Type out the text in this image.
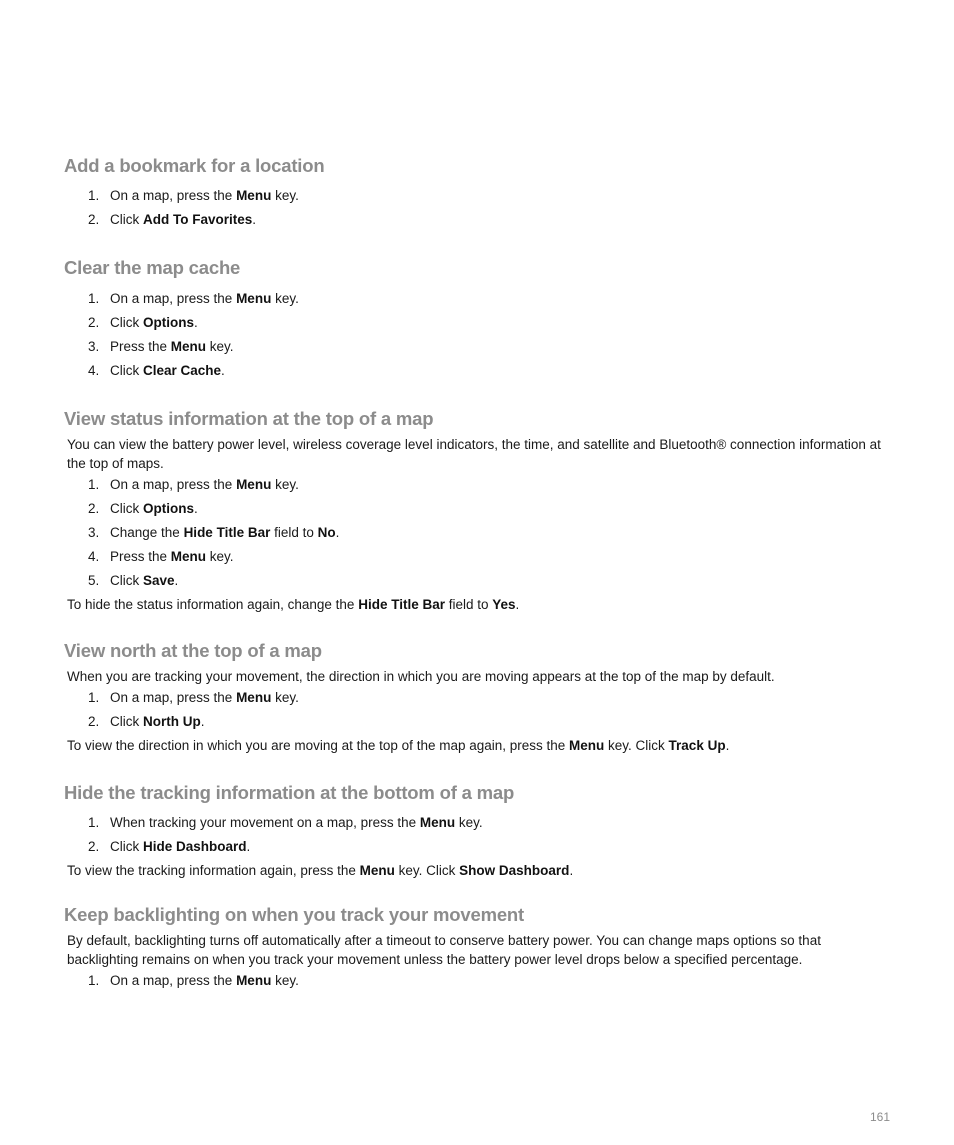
Add a bookmark for a location
1. On a map, press the Menu key.
2. Click Add To Favorites.
Clear the map cache
1. On a map, press the Menu key.
2. Click Options.
3. Press the Menu key.
4. Click Clear Cache.
View status information at the top of a map

You can view the battery power level, wireless coverage level indicators, the time, and satellite and Bluetooth® connection information at the top of maps.

1. On a map, press the Menu key.
2. Click Options.
3. Change the Hide Title Bar field to No.
4. Press the Menu key.
5. Click Save.

To hide the status information again, change the Hide Title Bar field to Yes.

View north at the top of a map

When you are tracking your movement, the direction in which you are moving appears at the top of the map by default.

1. On a map, press the Menu key.
2. Click North Up.

To view the direction in which you are moving at the top of the map again, press the Menu key. Click Track Up.

Hide the tracking information at the bottom of a map
1. When tracking your movement on a map, press the Menu key.
2. Click Hide Dashboard.

To view the tracking information again, press the Menu key. Click Show Dashboard.

Keep backlighting on when you track your movement

By default, backlighting turns off automatically after a timeout to conserve battery power. You can change maps options so that backlighting remains on when you track your movement unless the battery power level drops below a specified percentage.

1. On a map, press the Menu key.
161
